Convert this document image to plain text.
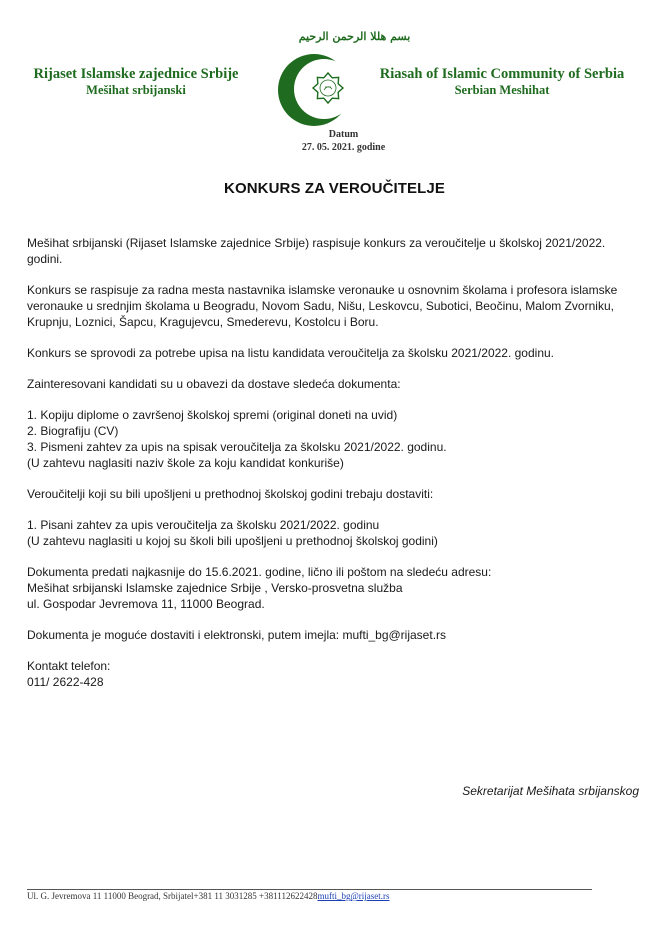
بسم هللا الرحمن الرحيم
Rijaset Islamske zajednice Srbije
Mešihat srbijanski
Riasah of Islamic Community of Serbia
Serbian Meshihat
Datum
27. 05. 2021. godine
KONKURS ZA VEROUČITELJE

Mešihat srbijanski (Rijaset Islamske zajednice Srbije) raspisuje konkurs za veroučitelje u školskoj 2021/2022.
godini.

Konkurs se raspisuje za radna mesta nastavnika islamske veronauke u osnovnim školama i profesora islamske
veronauke u srednjim školama u Beogradu, Novom Sadu, Nišu, Leskovcu, Subotici, Beočinu, Malom Zvorniku,
Krupnju, Loznici, Šapcu, Kragujevcu, Smederevu, Kostolcu i Boru.

Konkurs se sprovodi za potrebe upisa na listu kandidata veroučitelja za školsku 2021/2022. godinu.

Zainteresovani kandidati su u obavezi da dostave sledeća dokumenta:

1. Kopiju diplome o završenoj školskoj spremi (original doneti na uvid)
2. Biografiju (CV)
3. Pismeni zahtev za upis na spisak veroučitelja za školsku 2021/2022. godinu.
(U zahtevu naglasiti naziv škole za koju kandidat konkuriše)

Veroučitelji koji su bili upošljeni u prethodnoj školskoj godini trebaju dostaviti:

1. Pisani zahtev za upis veroučitelja za školsku 2021/2022. godinu
(U zahtevu naglasiti u kojoj su školi bili upošljeni u prethodnoj školskoj godini)

Dokumenta predati najkasnije do 15.6.2021. godine, lično ili poštom na sledeću adresu:
Mešihat srbijanski Islamske zajednice Srbije , Versko-prosvetna služba
ul. Gospodar Jevremova 11, 11000 Beograd.

Dokumenta je moguće dostaviti i elektronski, putem imejla: mufti_bg@rijaset.rs

Kontakt telefon:
011/ 2622-428

Sekretarijat Mešihata srbijanskog
Ul. G. Jevremova 11 11000 Beograd, Srbijatel+381 11 3031285 +381112622428mufti_bg@rijaset.rs
